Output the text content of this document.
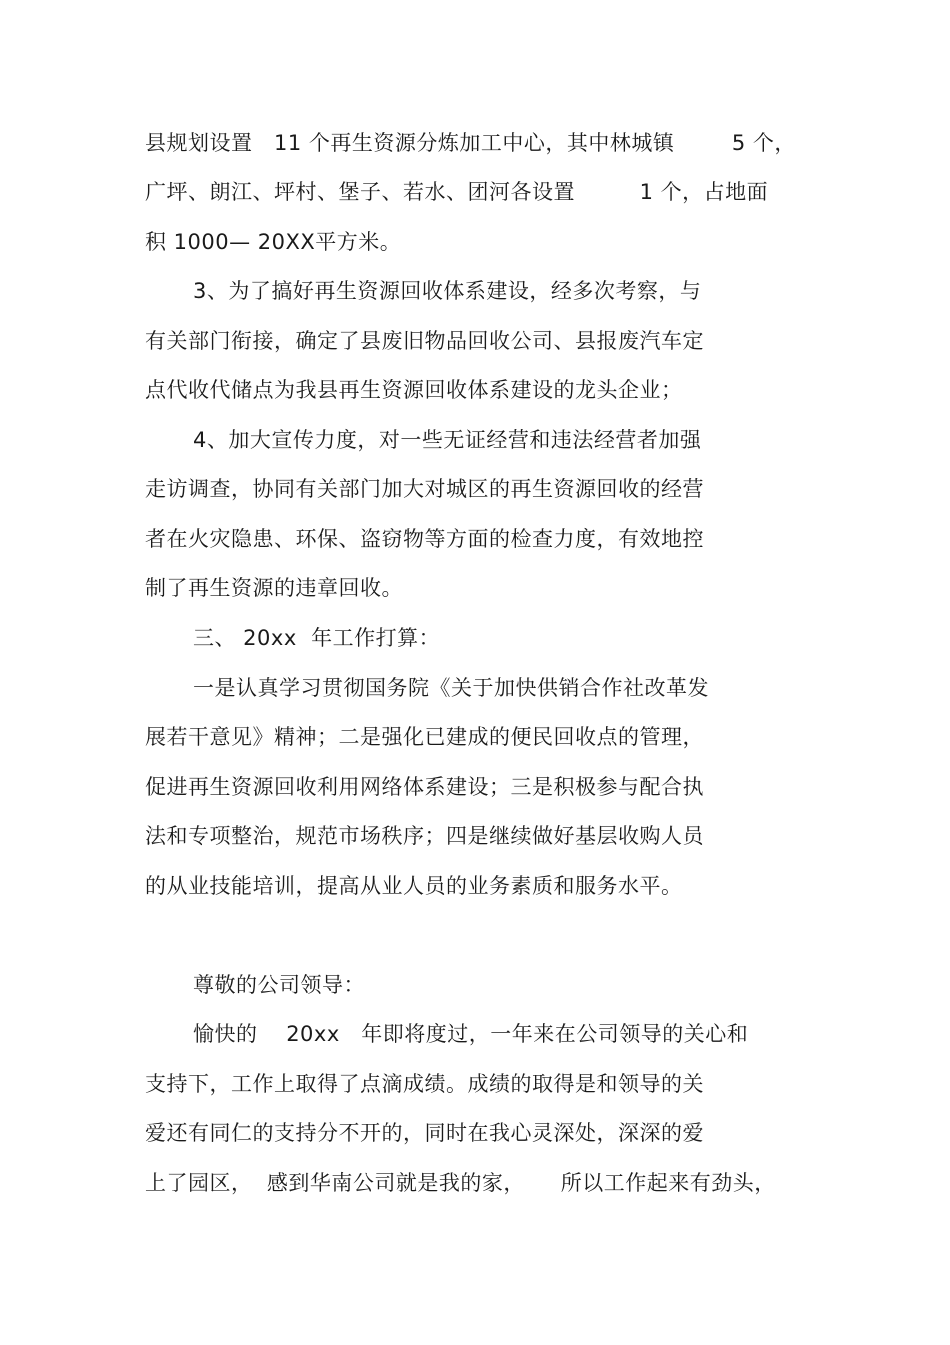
县规划设置   11 个再生资源分炼加工中心，其中林城镇        5 个，
广坪、朗江、坪村、堡子、若水、团河各设置         1 个，占地面
积 1000— 20XX平方米。
3、为了搞好再生资源回收体系建设，经多次考察，与
有关部门衔接，确定了县废旧物品回收公司、县报废汽车定
点代收代储点为我县再生资源回收体系建设的龙头企业；
4、加大宣传力度，对一些无证经营和违法经营者加强
走访调查，协同有关部门加大对城区的再生资源回收的经营
者在火灾隐患、环保、盗窃物等方面的检查力度，有效地控
制了再生资源的违章回收。
三、 20xx  年工作打算：
一是认真学习贯彻国务院《关于加快供销合作社改革发
展若干意见》精神；二是强化已建成的便民回收点的管理，
促进再生资源回收利用网络体系建设；三是积极参与配合执
法和专项整治，规范市场秩序；四是继续做好基层收购人员
的从业技能培训，提高从业人员的业务素质和服务水平。
尊敬的公司领导：
愉快的    20xx   年即将度过，一年来在公司领导的关心和
支持下，工作上取得了点滴成绩。成绩的取得是和领导的关
爱还有同仁的支持分不开的，同时在我心灵深处，深深的爱
上了园区，  感到华南公司就是我的家，     所以工作起来有劲头，
